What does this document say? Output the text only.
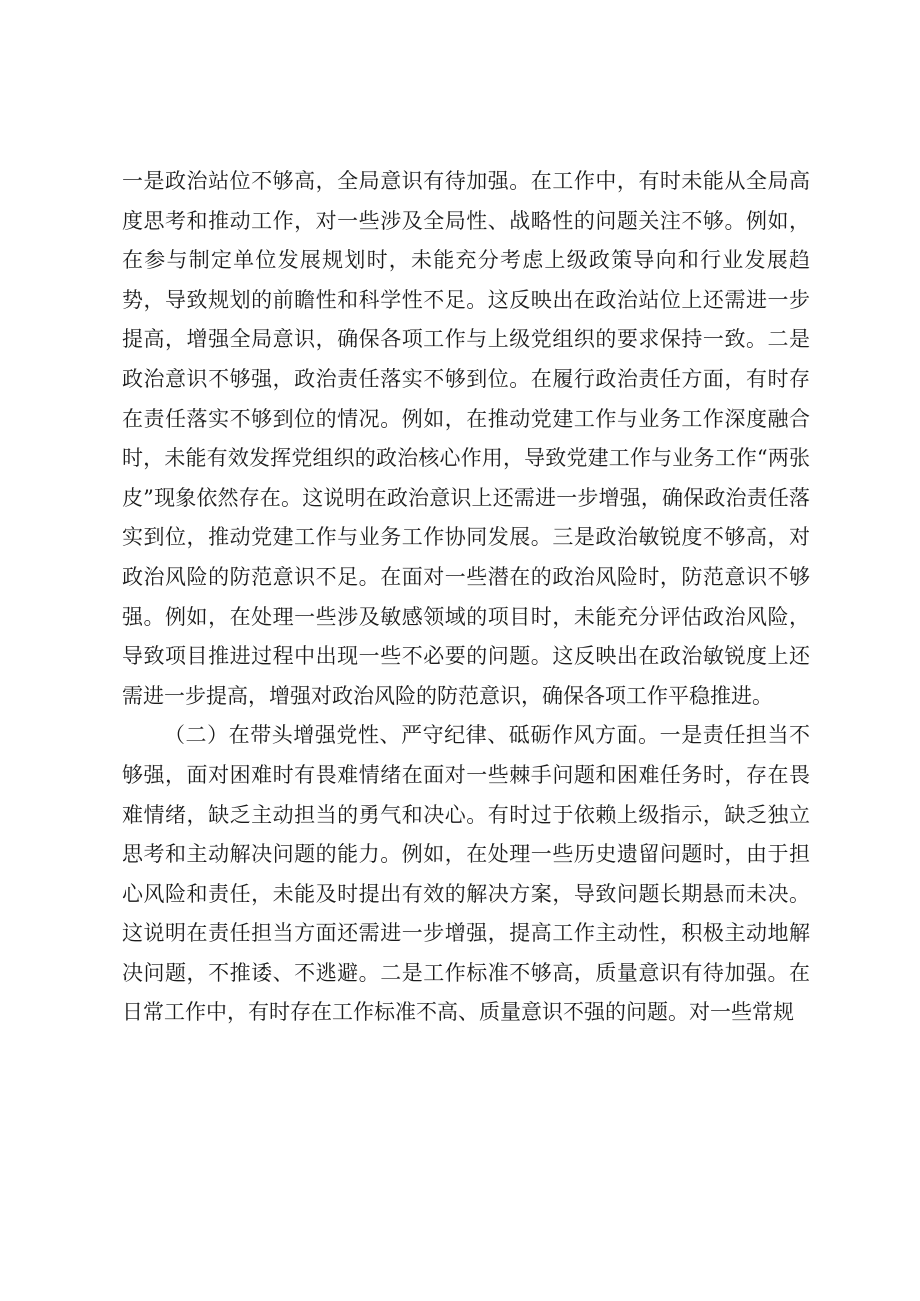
一是政治站位不够高，全局意识有待加强。在工作中，有时未能从全局高度思考和推动工作，对一些涉及全局性、战略性的问题关注不够。例如，在参与制定单位发展规划时，未能充分考虑上级政策导向和行业发展趋势，导致规划的前瞻性和科学性不足。这反映出在政治站位上还需进一步提高，增强全局意识，确保各项工作与上级党组织的要求保持一致。二是政治意识不够强，政治责任落实不够到位。在履行政治责任方面，有时存在责任落实不够到位的情况。例如，在推动党建工作与业务工作深度融合时，未能有效发挥党组织的政治核心作用，导致党建工作与业务工作“两张皮”现象依然存在。这说明在政治意识上还需进一步增强，确保政治责任落实到位，推动党建工作与业务工作协同发展。三是政治敏锐度不够高，对政治风险的防范意识不足。在面对一些潜在的政治风险时，防范意识不够强。例如，在处理一些涉及敏感领域的项目时，未能充分评估政治风险，导致项目推进过程中出现一些不必要的问题。这反映出在政治敏锐度上还需进一步提高，增强对政治风险的防范意识，确保各项工作平稳推进。

（二）在带头增强党性、严守纪律、砥砺作风方面。一是责任担当不够强，面对困难时有畏难情绪在面对一些棘手问题和困难任务时，存在畏难情绪，缺乏主动担当的勇气和决心。有时过于依赖上级指示，缺乏独立思考和主动解决问题的能力。例如，在处理一些历史遗留问题时，由于担心风险和责任，未能及时提出有效的解决方案，导致问题长期悬而未决。这说明在责任担当方面还需进一步增强，提高工作主动性，积极主动地解决问题，不推诿、不逃避。二是工作标准不够高，质量意识有待加强。在日常工作中，有时存在工作标准不高、质量意识不强的问题。对一些常规
